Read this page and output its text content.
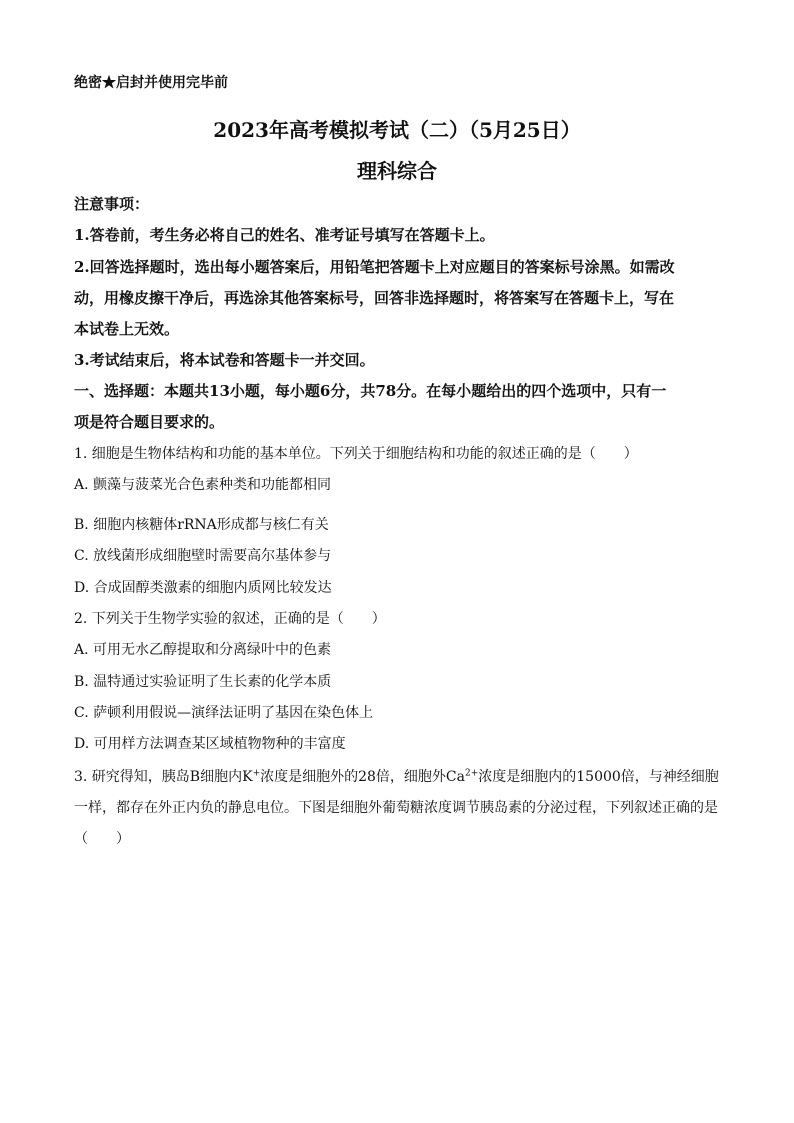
绝密★启封并使用完毕前
2023年高考模拟考试（二）（5月25日）
理科综合
注意事项：
1.答卷前，考生务必将自己的姓名、准考证号填写在答题卡上。
2.回答选择题时，选出每小题答案后，用铅笔把答题卡上对应题目的答案标号涂黑。如需改
动，用橡皮擦干净后，再选涂其他答案标号，回答非选择题时，将答案写在答题卡上，写在
本试卷上无效。
3.考试结束后，将本试卷和答题卡一并交回。
一、选择题：本题共13小题，每小题6分，共78分。在每小题给出的四个选项中，只有一
项是符合题目要求的。
1. 细胞是生物体结构和功能的基本单位。下列关于细胞结构和功能的叙述正确的是（　　）
A. 颤藻与菠菜光合色素种类和功能都相同
B. 细胞内核糖体rRNA形成都与核仁有关
C. 放线菌形成细胞壁时需要高尔基体参与
D. 合成固醇类激素的细胞内质网比较发达
2. 下列关于生物学实验的叙述，正确的是（　　）
A. 可用无水乙醇提取和分离绿叶中的色素
B. 温特通过实验证明了生长素的化学本质
C. 萨顿利用假说—演绎法证明了基因在染色体上
D. 可用样方法调查某区域植物物种的丰富度
3. 研究得知，胰岛B细胞内K+浓度是细胞外的28倍，细胞外$Ca^{2+}$浓度是细胞内的15000倍，与神经细胞
一样，都存在外正内负的静息电位。下图是细胞外葡萄糖浓度调节胰岛素的分泌过程，下列叙述正确的是
（　　）
